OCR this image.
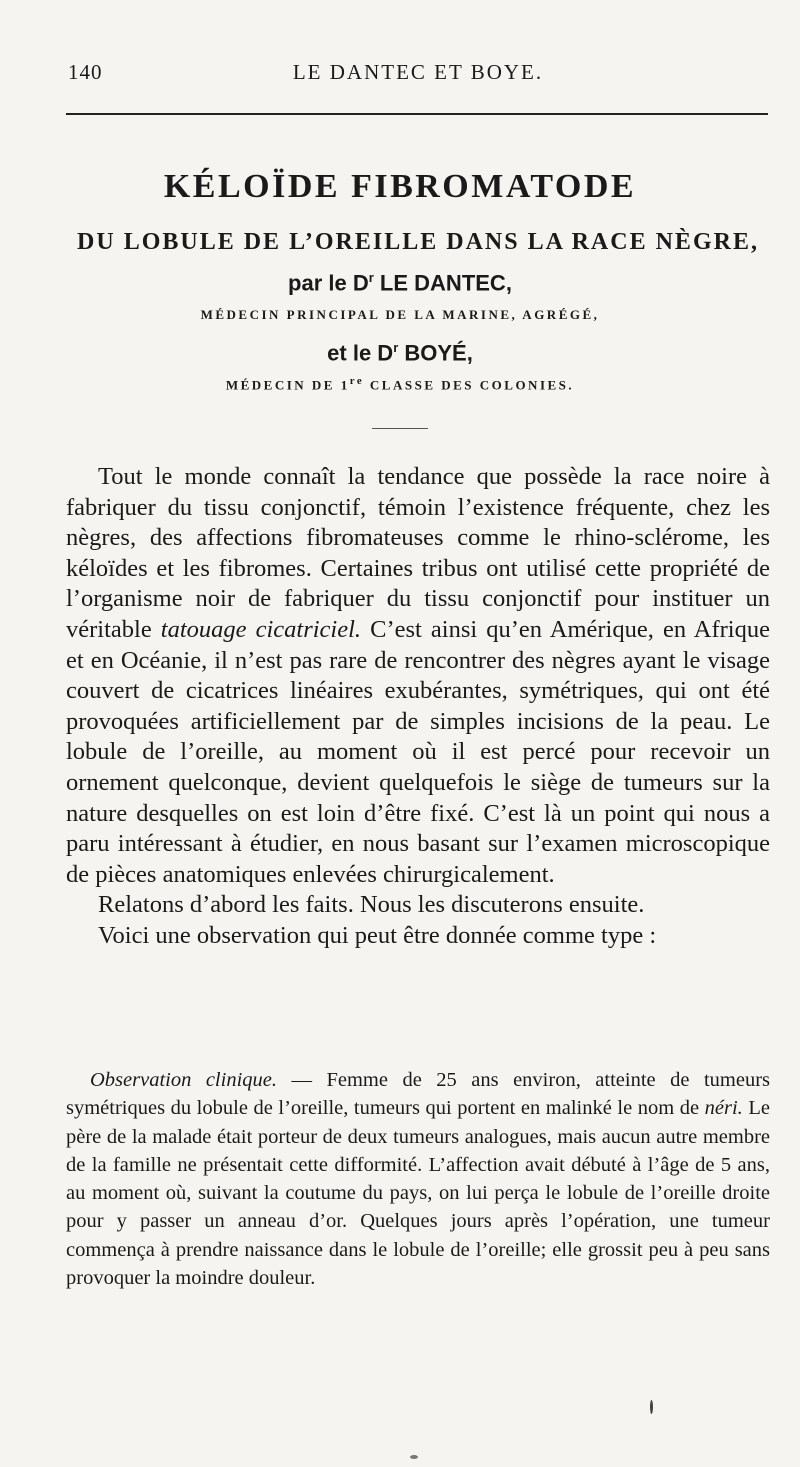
140	LE DANTEC ET BOYE.
KÉLOÏDE FIBROMATODE
DU LOBULE DE L’OREILLE DANS LA RACE NÈGRE,
par le $D^r$ LE DANTEC,
MÉDECIN PRINCIPAL DE LA MARINE, AGRÉGÉ,
et le $D^r$ BOYÉ,
MÉDECIN DE 1re CLASSE DES COLONIES.

Tout le monde connaît la tendance que possède la race noire à fabriquer du tissu conjonctif, témoin l’existence fréquente, chez les nègres, des affections fibromateuses comme le rhino-sclérome, les kéloïdes et les fibromes. Certaines tribus ont utilisé cette propriété de l’organisme noir de fabriquer du tissu conjonctif pour instituer un véritable tatouage cicatriciel. C’est ainsi qu’en Amérique, en Afrique et en Océanie, il n’est pas rare de rencontrer des nègres ayant le visage couvert de cicatrices linéaires exubérantes, symétriques, qui ont été provoquées artificiellement par de simples incisions de la peau. Le lobule de l’oreille, au moment où il est percé pour recevoir un ornement quelconque, devient quelquefois le siège de tumeurs sur la nature desquelles on est loin d’être fixé. C’est là un point qui nous a paru intéressant à étudier, en nous basant sur l’examen microscopique de pièces anatomiques enlevées chirurgicalement.

Relatons d’abord les faits. Nous les discuterons ensuite.

Voici une observation qui peut être donnée comme type :

Observation clinique. — Femme de 25 ans environ, atteinte de tumeurs symétriques du lobule de l’oreille, tumeurs qui portent en malinké le nom de néri. Le père de la malade était porteur de deux tumeurs analogues, mais aucun autre membre de la famille ne présentait cette difformité. L’affection avait débuté à l’âge de 5 ans, au moment où, suivant la coutume du pays, on lui perça le lobule de l’oreille droite pour y passer un anneau d’or. Quelques jours après l’opération, une tumeur commença à prendre naissance dans le lobule de l’oreille; elle grossit peu à peu sans provoquer la moindre douleur.
